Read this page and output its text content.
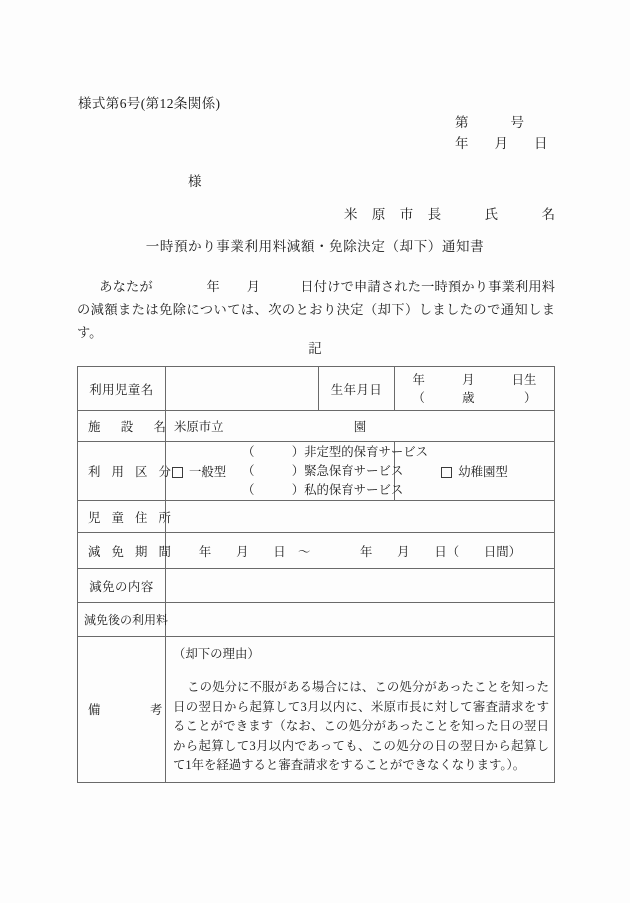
様式第6号(第12条関係)
第	号
年 月 日
様
米 原 市 長　　氏　　名
一時預かり事業利用料減額・免除決定（却下）通知書
あなたが　　　　年　　月　　　日付けで申請された一時預かり事業利用料の減額または免除については、次のとおり決定（却下）しましたので通知します。
記
利用児童名		生年月日	年　　　月　　　日生
（　　　歳　　　　）

施　設　名	米原市立 園		

利 用 区 分	一般型
（　　　）非定型的保育サービス
（　　　）緊急保育サービス
（　　　）私的保育サービス		幼稚園型
児 童 住 所			
減 免 期 間	年　　月　　日　～　　　　年　　月　　日（　　日間）		
減免の内容			
減免後の利用料			
備　　　　考	（却下の理由）
この処分に不服がある場合には、この処分があったことを知った日の翌日から起算して3月以内に、米原市長に対して審査請求をすることができます（なお、この処分があったことを知った日の翌日から起算して3月以内であっても、この処分の日の翌日から起算して1年を経過すると審査請求をすることができなくなります。）。		
